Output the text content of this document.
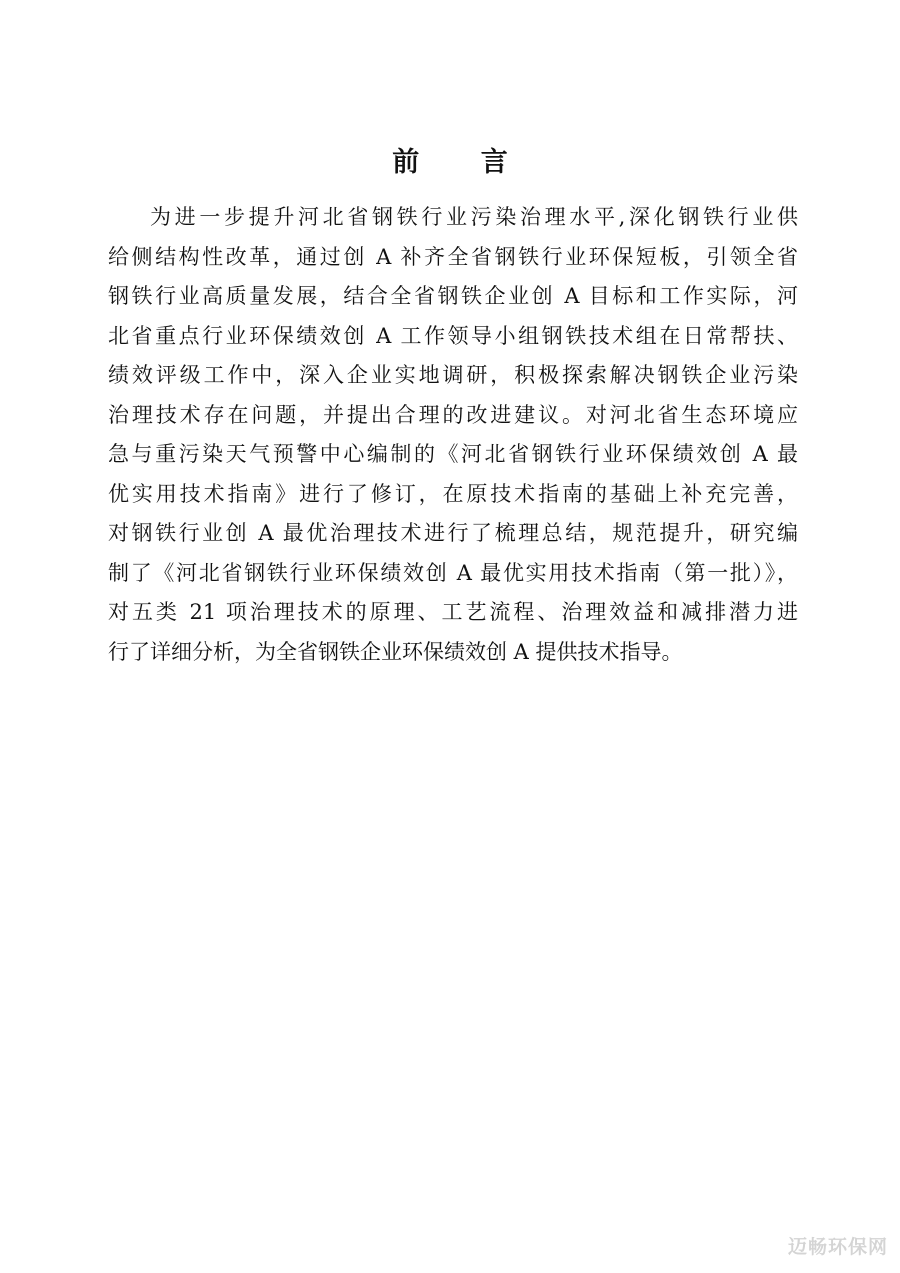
前 言
为进一步提升河北省钢铁行业污染治理水平,深化钢铁行业供
给侧结构性改革，通过创 A 补齐全省钢铁行业环保短板，引领全省
钢铁行业高质量发展，结合全省钢铁企业创 A 目标和工作实际，河
北省重点行业环保绩效创 A 工作领导小组钢铁技术组在日常帮扶、
绩效评级工作中，深入企业实地调研，积极探索解决钢铁企业污染
治理技术存在问题，并提出合理的改进建议。对河北省生态环境应
急与重污染天气预警中心编制的《河北省钢铁行业环保绩效创 A 最
优实用技术指南》进行了修订，在原技术指南的基础上补充完善，
对钢铁行业创 A 最优治理技术进行了梳理总结，规范提升，研究编
制了《河北省钢铁行业环保绩效创 A 最优实用技术指南（第一批）》，
对五类 21 项治理技术的原理、工艺流程、治理效益和减排潜力进
行了详细分析，为全省钢铁企业环保绩效创 A 提供技术指导。
迈畅环保网
